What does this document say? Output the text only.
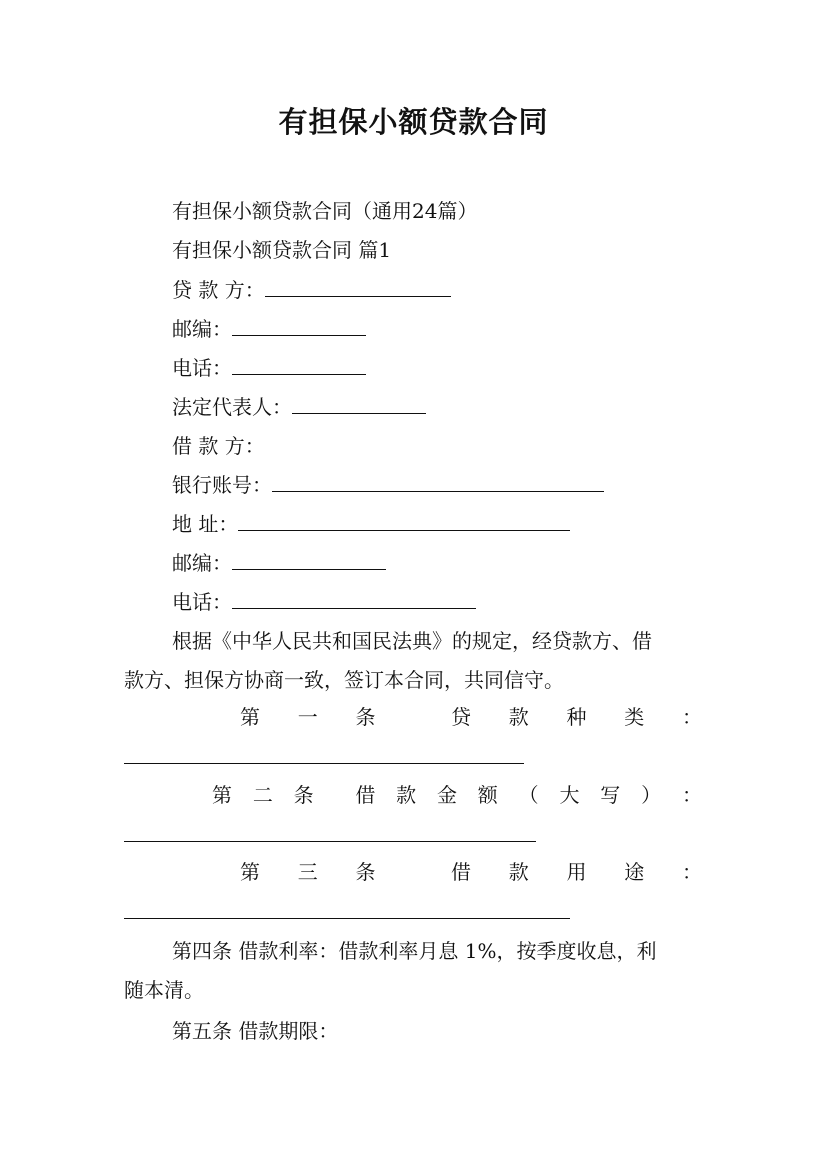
有担保小额贷款合同
有担保小额贷款合同（通用24篇）
有担保小额贷款合同 篇1
贷 款 方：
邮编：
电话：
法定代表人：
借 款 方：
银行账号：
地 址：
邮编：
电话：
根据《中华人民共和国民法典》的规定，经贷款方、借
款方、担保方协商一致，签订本合同，共同信守。
第 一 条	贷 款 种 类 ：
第 二 条 借 款 金 额 （ 大 写 ） ：
第 三 条	借 款 用 途 ：
第四条 借款利率：借款利率月息 1%，按季度收息，利
随本清。
第五条 借款期限：
